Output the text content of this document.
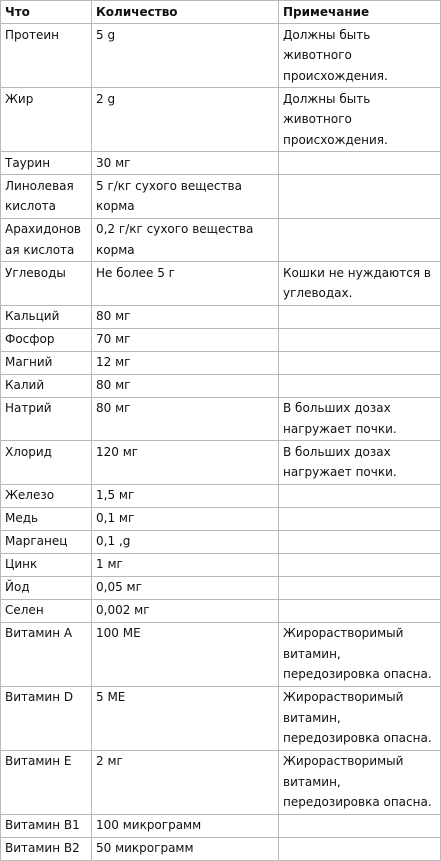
Что	Количество	Примечание
Протеин	5 g	Должны быть животного происхождения.
Жир	2 g	Должны быть животного происхождения.
Таурин	30 мг	
Линолевая кислота	5 г/кг сухого вещества корма	
Арахидоновая кислота	0,2 г/кг сухого вещества корма	
Углеводы	Не более 5 г	Кошки не нуждаются в углеводах.
Кальций	80 мг	
Фосфор	70 мг	
Магний	12 мг	
Калий	80 мг	
Натрий	80 мг	В больших дозах нагружает почки.
Хлорид	120 мг	В больших дозах нагружает почки.
Железо	1,5 мг	
Медь	0,1 мг	
Марганец	0,1 ,g	
Цинк	1 мг	
Йод	0,05 мг	
Селен	0,002 мг	
Витамин А	100 МЕ	Жирорастворимый витамин, передозировка опасна.
Витамин D	5 МЕ	Жирорастворимый витамин, передозировка опасна.
Витамин Е	2 мг	Жирорастворимый витамин, передозировка опасна.
Витамин В1	100 микрограмм	
Витамин В2	50 микрограмм	
